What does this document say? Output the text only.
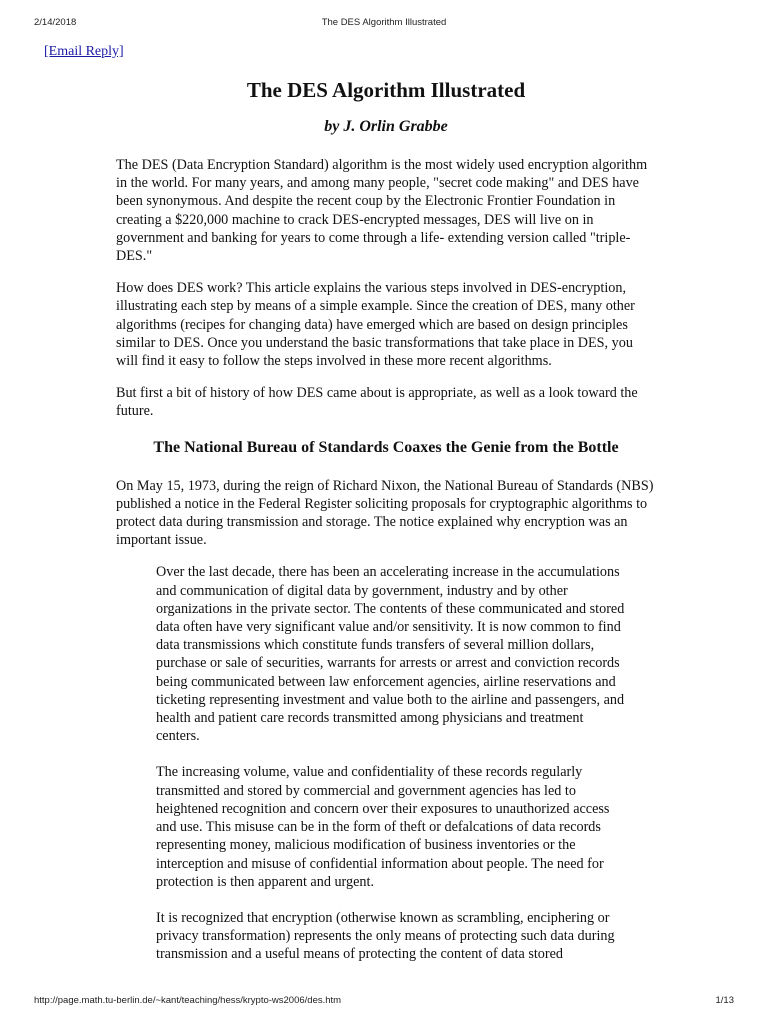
2/14/2018	The DES Algorithm Illustrated
[Email Reply]
The DES Algorithm Illustrated
by J. Orlin Grabbe

The DES (Data Encryption Standard) algorithm is the most widely used encryption algorithm in the world. For many years, and among many people, "secret code making" and DES have been synonymous. And despite the recent coup by the Electronic Frontier Foundation in creating a $220,000 machine to crack DES-encrypted messages, DES will live on in government and banking for years to come through a life- extending version called "triple-DES."

How does DES work? This article explains the various steps involved in DES-encryption, illustrating each step by means of a simple example. Since the creation of DES, many other algorithms (recipes for changing data) have emerged which are based on design principles similar to DES. Once you understand the basic transformations that take place in DES, you will find it easy to follow the steps involved in these more recent algorithms.

But first a bit of history of how DES came about is appropriate, as well as a look toward the future.

The National Bureau of Standards Coaxes the Genie from the Bottle

On May 15, 1973, during the reign of Richard Nixon, the National Bureau of Standards (NBS) published a notice in the Federal Register soliciting proposals for cryptographic algorithms to protect data during transmission and storage. The notice explained why encryption was an important issue.

Over the last decade, there has been an accelerating increase in the accumulations and communication of digital data by government, industry and by other organizations in the private sector. The contents of these communicated and stored data often have very significant value and/or sensitivity. It is now common to find data transmissions which constitute funds transfers of several million dollars, purchase or sale of securities, warrants for arrests or arrest and conviction records being communicated between law enforcement agencies, airline reservations and ticketing representing investment and value both to the airline and passengers, and health and patient care records transmitted among physicians and treatment centers.

The increasing volume, value and confidentiality of these records regularly transmitted and stored by commercial and government agencies has led to heightened recognition and concern over their exposures to unauthorized access and use. This misuse can be in the form of theft or defalcations of data records representing money, malicious modification of business inventories or the interception and misuse of confidential information about people. The need for protection is then apparent and urgent.

It is recognized that encryption (otherwise known as scrambling, enciphering or privacy transformation) represents the only means of protecting such data during transmission and a useful means of protecting the content of data stored

http://page.math.tu-berlin.de/~kant/teaching/hess/krypto-ws2006/des.htm	1/13
